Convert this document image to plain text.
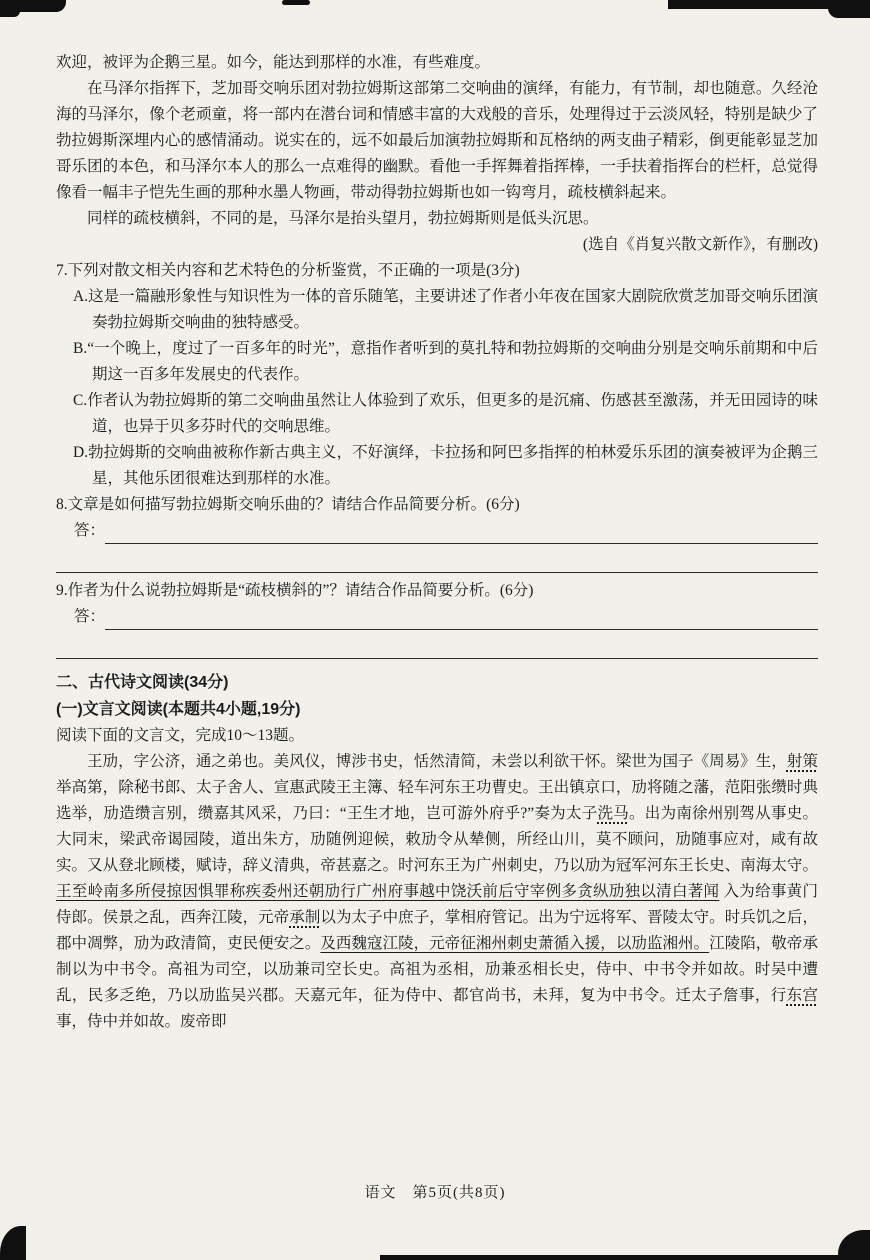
欢迎，被评为企鹅三星。如今，能达到那样的水准，有些难度。

在马泽尔指挥下，芝加哥交响乐团对勃拉姆斯这部第二交响曲的演绎，有能力，有节制，却也随意。久经沧海的马泽尔，像个老顽童，将一部内在潜台词和情感丰富的大戏般的音乐，处理得过于云淡风轻，特别是缺少了勃拉姆斯深埋内心的感情涌动。说实在的，远不如最后加演勃拉姆斯和瓦格纳的两支曲子精彩，倒更能彰显芝加哥乐团的本色，和马泽尔本人的那么一点难得的幽默。看他一手挥舞着指挥棒，一手扶着指挥台的栏杆，总觉得像看一幅丰子恺先生画的那种水墨人物画，带动得勃拉姆斯也如一钩弯月，疏枝横斜起来。

同样的疏枝横斜，不同的是，马泽尔是抬头望月，勃拉姆斯则是低头沉思。

(选自《肖复兴散文新作》，有删改)

7.下列对散文相关内容和艺术特色的分析鉴赏，不正确的一项是(3分)

A.这是一篇融形象性与知识性为一体的音乐随笔，主要讲述了作者小年夜在国家大剧院欣赏芝加哥交响乐团演奏勃拉姆斯交响曲的独特感受。

B.“一个晚上，度过了一百多年的时光”，意指作者听到的莫扎特和勃拉姆斯的交响曲分别是交响乐前期和中后期这一百多年发展史的代表作。

C.作者认为勃拉姆斯的第二交响曲虽然让人体验到了欢乐，但更多的是沉痛、伤感甚至激荡，并无田园诗的味道，也异于贝多芬时代的交响思维。

D.勃拉姆斯的交响曲被称作新古典主义，不好演绎，卡拉扬和阿巴多指挥的柏林爱乐乐团的演奏被评为企鹅三星，其他乐团很难达到那样的水准。

8.文章是如何描写勃拉姆斯交响乐曲的？请结合作品简要分析。(6分)

答：

9.作者为什么说勃拉姆斯是“疏枝横斜的”？请结合作品简要分析。(6分)

答：

二、古代诗文阅读(34分)

(一)文言文阅读(本题共4小题,19分)

阅读下面的文言文，完成10～13题。

王劢，字公济，通之弟也。美风仪，博涉书史，恬然清简，未尝以利欲干怀。梁世为国子《周易》生，射策举高第，除秘书郎、太子舍人、宣惠武陵王主簿、轻车河东王功曹史。王出镇京口，劢将随之藩，范阳张缵时典选举，劢造缵言别，缵嘉其风采，乃曰：“王生才地，岂可游外府乎?”奏为太子洗马。出为南徐州别驾从事史。大同末，梁武帝谒园陵，道出朱方，劢随例迎候，敕劢令从辇侧，所经山川，莫不顾问，劢随事应对，咸有故实。又从登北顾楼，赋诗，辞义清典，帝甚嘉之。时河东王为广州刺史，乃以劢为冠军河东王长史、南海太守。王至岭南多所侵掠因惧罪称疾委州还朝劢行广州府事越中饶沃前后守宰例多贪纵劢独以清白著闻 入为给事黄门侍郎。侯景之乱，西奔江陵，元帝承制以为太子中庶子，掌相府管记。出为宁远将军、晋陵太守。时兵饥之后，郡中凋弊，劢为政清简，吏民便安之。及西魏寇江陵，元帝征湘州刺史萧循入援，以劢监湘州。江陵陷，敬帝承制以为中书令。高祖为司空，以劢兼司空长史。高祖为丞相，劢兼丞相长史，侍中、中书令并如故。时吴中遭乱，民多乏绝，乃以劢监吴兴郡。天嘉元年，征为侍中、都官尚书，未拜，复为中书令。迁太子詹事，行东宫事，侍中并如故。废帝即

语文　第5页(共8页)
